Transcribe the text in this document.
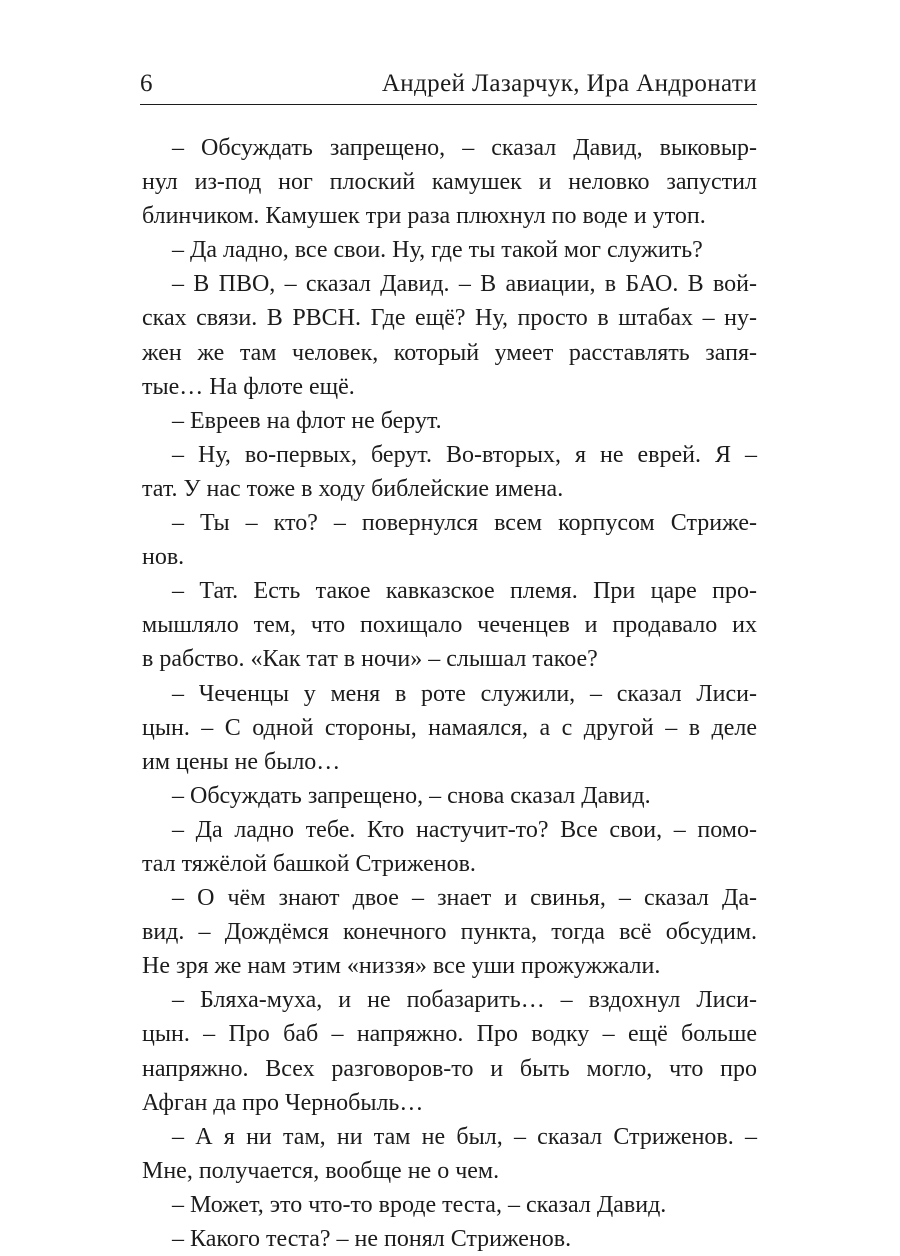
6	Андрей Лазарчук, Ира Андронати
– Обсуждать запрещено, – сказал Давид, выковыр-
нул из-под ног плоский камушек и неловко запустил
блинчиком. Камушек три раза плюхнул по воде и утоп.
– Да ладно, все свои. Ну, где ты такой мог служить?
– В ПВО, – сказал Давид. – В авиации, в БАО. В вой-
сках связи. В РВСН. Где ещё? Ну, просто в штабах – ну-
жен же там человек, который умеет расставлять запя-
тые… На флоте ещё.
– Евреев на флот не берут.
– Ну, во-первых, берут. Во-вторых, я не еврей. Я –
тат. У нас тоже в ходу библейские имена.
– Ты – кто? – повернулся всем корпусом Стриже-
нов.
– Тат. Есть такое кавказское племя. При царе про-
мышляло тем, что похищало чеченцев и продавало их
в рабство. «Как тат в ночи» – слышал такое?
– Чеченцы у меня в роте служили, – сказал Лиси-
цын. – С одной стороны, намаялся, а с другой – в деле
им цены не было…
– Обсуждать запрещено, – снова сказал Давид.
– Да ладно тебе. Кто настучит-то? Все свои, – помо-
тал тяжёлой башкой Стриженов.
– О чём знают двое – знает и свинья, – сказал Да-
вид. – Дождёмся конечного пункта, тогда всё обсудим.
Не зря же нам этим «низзя» все уши прожужжали.
– Бляха-муха, и не побазарить… – вздохнул Лиси-
цын. – Про баб – напряжно. Про водку – ещё больше
напряжно. Всех разговоров-то и быть могло, что про
Афган да про Чернобыль…
– А я ни там, ни там не был, – сказал Стриженов. –
Мне, получается, вообще не о чем.
– Может, это что-то вроде теста, – сказал Давид.
– Какого теста? – не понял Стриженов.
